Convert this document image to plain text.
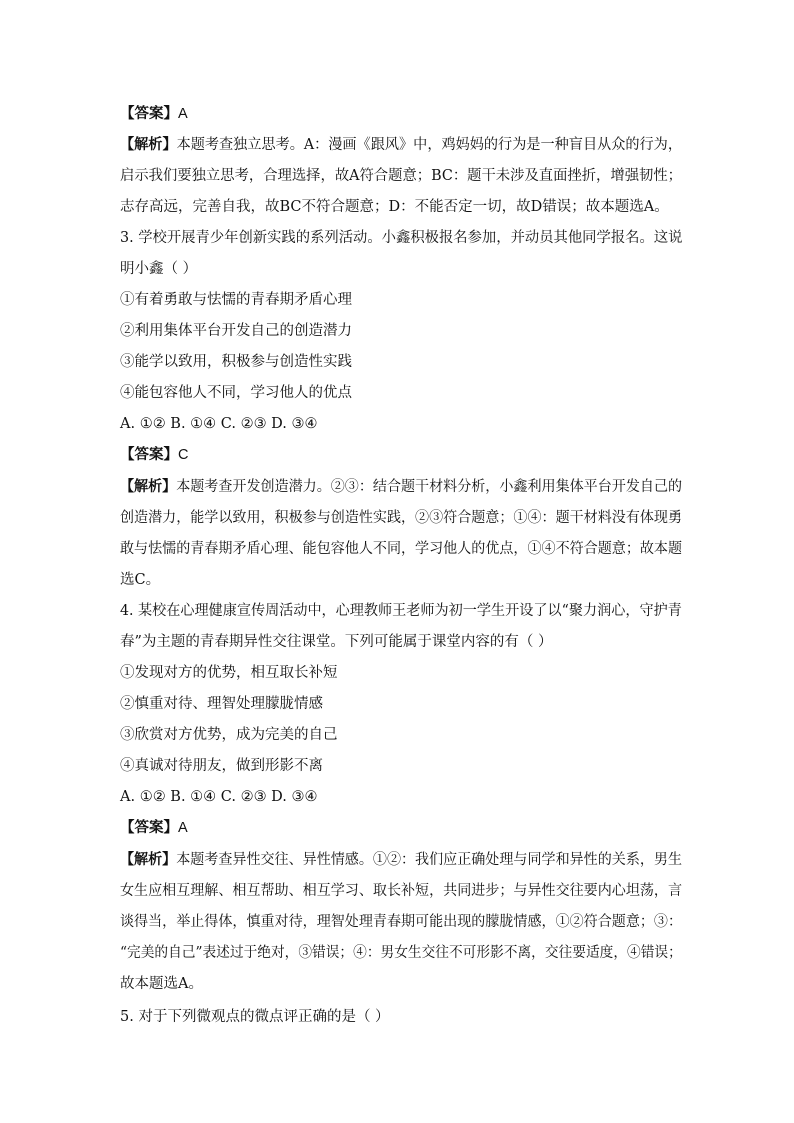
【答案】A

【解析】本题考查独立思考。A：漫画《跟风》中，鸡妈妈的行为是一种盲目从众的行为，

启示我们要独立思考，合理选择，故A符合题意；BC：题干未涉及直面挫折，增强韧性；

志存高远，完善自我，故BC不符合题意；D：不能否定一切，故D错误；故本题选A。

3. 学校开展青少年创新实践的系列活动。小鑫积极报名参加，并动员其他同学报名。这说

明小鑫（ ）

①有着勇敢与怯懦的青春期矛盾心理

②利用集体平台开发自己的创造潜力

③能学以致用，积极参与创造性实践

④能包容他人不同，学习他人的优点

A. ①② B. ①④ C. ②③ D. ③④

【答案】C

【解析】本题考查开发创造潜力。②③：结合题干材料分析，小鑫利用集体平台开发自己的

创造潜力，能学以致用，积极参与创造性实践，②③符合题意；①④：题干材料没有体现勇

敢与怯懦的青春期矛盾心理、能包容他人不同，学习他人的优点，①④不符合题意；故本题

选C。

4. 某校在心理健康宣传周活动中，心理教师王老师为初一学生开设了以“聚力润心，守护青

春”为主题的青春期异性交往课堂。下列可能属于课堂内容的有（ ）

①发现对方的优势，相互取长补短

②慎重对待、理智处理朦胧情感

③欣赏对方优势，成为完美的自己

④真诚对待朋友，做到形影不离

A. ①② B. ①④ C. ②③ D. ③④

【答案】A

【解析】本题考查异性交往、异性情感。①②：我们应正确处理与同学和异性的关系，男生

女生应相互理解、相互帮助、相互学习、取长补短，共同进步；与异性交往要内心坦荡，言

谈得当，举止得体，慎重对待，理智处理青春期可能出现的朦胧情感，①②符合题意；③：

“完美的自己”表述过于绝对，③错误；④：男女生交往不可形影不离，交往要适度，④错误；

故本题选A。

5. 对于下列微观点的微点评正确的是（ ）
